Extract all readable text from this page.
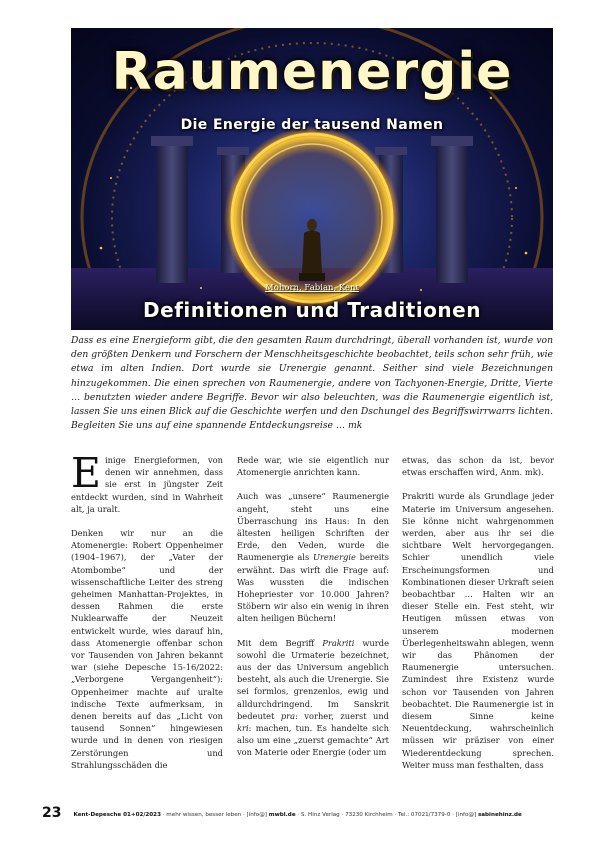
Raumenergie
Die Energie der tausend Namen
Mohorn, Fabian, Kent
Definitionen und Traditionen

Dass es eine Energieform gibt, die den gesamten Raum durchdringt, überall vorhanden ist, wurde von den größten Denkern und Forschern der Menschheitsgeschichte beobachtet, teils schon sehr früh, wie etwa im alten Indien. Dort wurde sie Urenergie genannt. Seither sind viele Bezeichnungen hinzugekommen. Die einen sprechen von Raumenergie, andere von Tachyonen-Energie, Dritte, Vierte … benutzten wieder andere Begriffe. Bevor wir also beleuchten, was die Raumenergie eigentlich ist, lassen Sie uns einen Blick auf die Geschichte werfen und den Dschungel des Begriffswirrwarrs lichten. Begleiten Sie uns auf eine spannende Entdeckungsreise … mk

Einige Energieformen, von denen wir annehmen, dass sie erst in jüngster Zeit entdeckt wurden, sind in Wahrheit alt, ja uralt.

Denken wir nur an die Atomenergie: Robert Oppenheimer (1904–1967), der „Vater der Atombombe“ und der wissenschaftliche Leiter des streng geheimen Manhattan-Projektes, in dessen Rahmen die erste Nuklearwaffe der Neuzeit entwickelt wurde, wies darauf hin, dass Atomenergie offenbar schon vor Tausenden von Jahren bekannt war (siehe Depesche 15-16/2022: „Verborgene Vergangenheit“): Oppenheimer machte auf uralte indische Texte aufmerksam, in denen bereits auf das „Licht von tausend Sonnen“ hingewiesen wurde und in denen von riesigen Zerstörungen und Strahlungsschäden die

Rede war, wie sie eigentlich nur Atomenergie anrichten kann.

Auch was „unsere“ Raumenergie angeht, steht uns eine Überraschung ins Haus: In den ältesten heiligen Schriften der Erde, den Veden, wurde die Raumenergie als Urenergie bereits erwähnt. Das wirft die Frage auf: Was wussten die indischen Hohepriester vor 10.000 Jahren? Stöbern wir also ein wenig in ihren alten heiligen Büchern!

Mit dem Begriff Prakriti wurde sowohl die Urmaterie bezeichnet, aus der das Universum angeblich besteht, als auch die Urenergie. Sie sei formlos, grenzenlos, ewig und alldurchdringend. Im Sanskrit bedeutet pra: vorher, zuerst und kri: machen, tun. Es handelte sich also um eine „zuerst gemachte“ Art von Materie oder Energie (oder um

etwas, das schon da ist, bevor etwas erschaffen wird, Anm. mk).

Prakriti wurde als Grundlage jeder Materie im Universum angesehen. Sie könne nicht wahrgenommen werden, aber aus ihr sei die sichtbare Welt hervorgegangen. Schier unendlich viele Erscheinungsformen und Kombinationen dieser Urkraft seien beobachtbar … Halten wir an dieser Stelle ein. Fest steht, wir Heutigen müssen etwas von unserem modernen Überlegenheitswahn ablegen, wenn wir das Phänomen der Raumenergie untersuchen. Zumindest ihre Existenz wurde schon vor Tausenden von Jahren beobachtet. Die Raumenergie ist in diesem Sinne keine Neuentdeckung, wahrscheinlich müssen wir präziser von einer Wiederentdeckung sprechen. Weiter muss man festhalten, dass

23 Kent-Depesche 01+02/2023 · mehr wissen, besser leben · [info@] mwbl.de · S. Hinz Verlag · 73230 Kirchheim · Tel.: 07021/7379-0 · [info@] sabinehinz.de
